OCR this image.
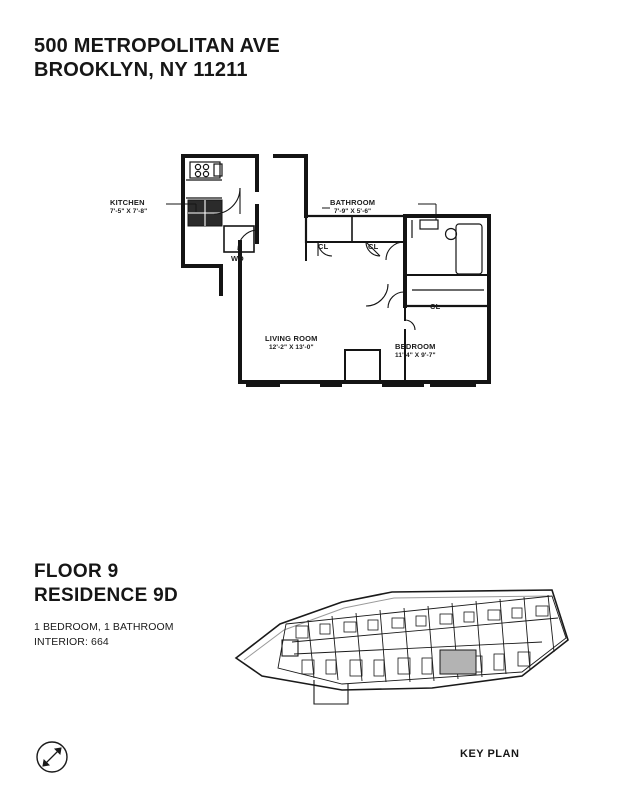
500 METROPOLITAN AVE
BROOKLYN, NY 11211
KITCHEN
7'-5" X 7'-8"
BATHROOM
7'-9" X 5'-6"
LIVING ROOM
12'-2" X 13'-0"	BEDROOM
11'-4" X 9'-7"
CL	CL
CL
WD
FLOOR 9
RESIDENCE 9D
1 BEDROOM, 1 BATHROOM
INTERIOR: 664
KEY PLAN
